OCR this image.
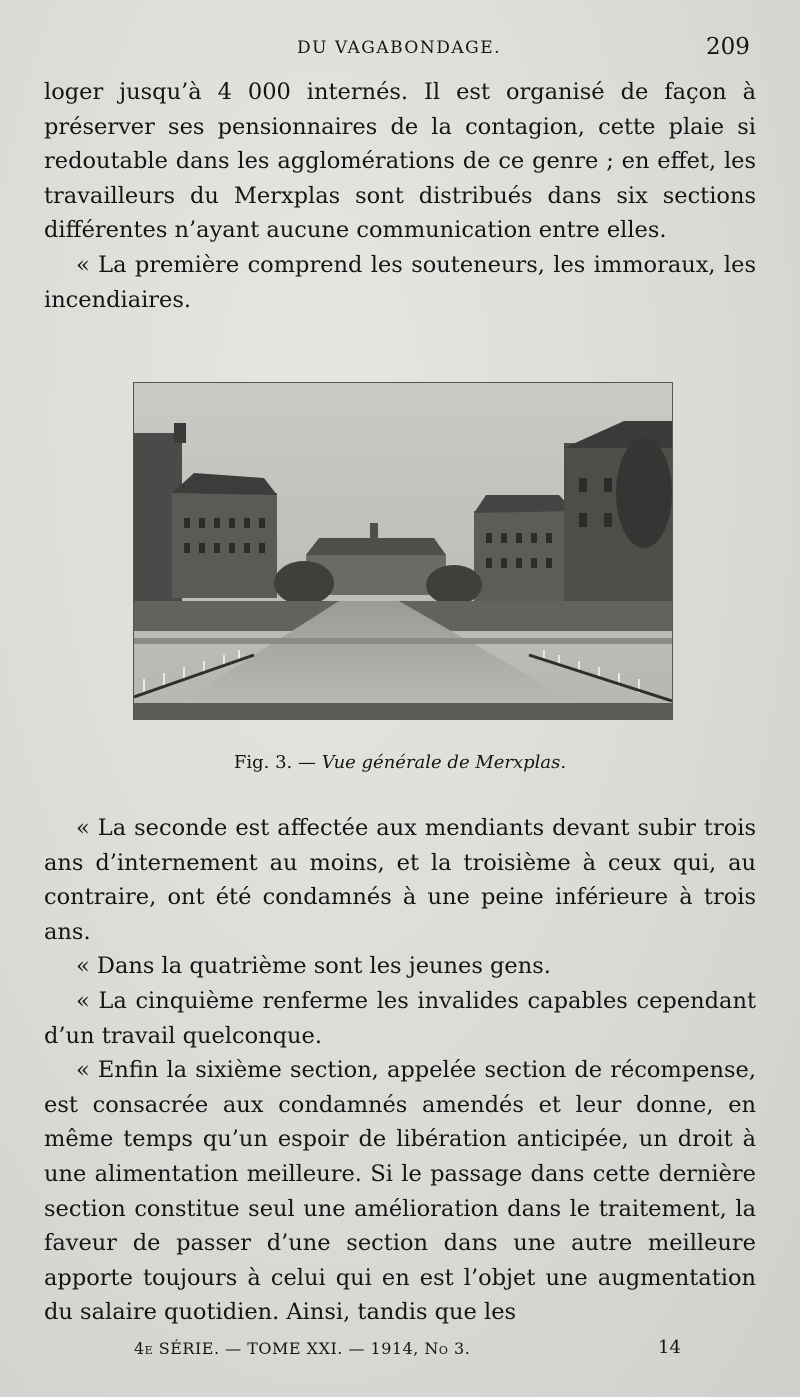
DU VAGABONDAGE.	209

loger jusqu’à 4 000 internés. Il est organisé de façon à préserver ses pensionnaires de la contagion, cette plaie si redoutable dans les agglomérations de ce genre ; en effet, les travailleurs du Merxplas sont distribués dans six sections différentes n’ayant aucune communication entre elles.

« La première comprend les souteneurs, les immoraux, les incendiaires.

Fig. 3. — Vue générale de Merxplas.

« La seconde est affectée aux mendiants devant subir trois ans d’internement au moins, et la troisième à ceux qui, au contraire, ont été condamnés à une peine inférieure à trois ans.

« Dans la quatrième sont les jeunes gens.

« La cinquième renferme les invalides capables cependant d’un travail quelconque.

« Enfin la sixième section, appelée section de récompense, est consacrée aux condamnés amendés et leur donne, en même temps qu’un espoir de libération anticipée, un droit à une alimentation meilleure. Si le passage dans cette dernière section constitue seul une amélioration dans le traitement, la faveur de passer d’une section dans une autre meilleure apporte toujours à celui qui en est l’objet une augmentation du salaire quotidien. Ainsi, tandis que les

4e SÉRIE. — TOME XXI. — 1914, No 3.	14
